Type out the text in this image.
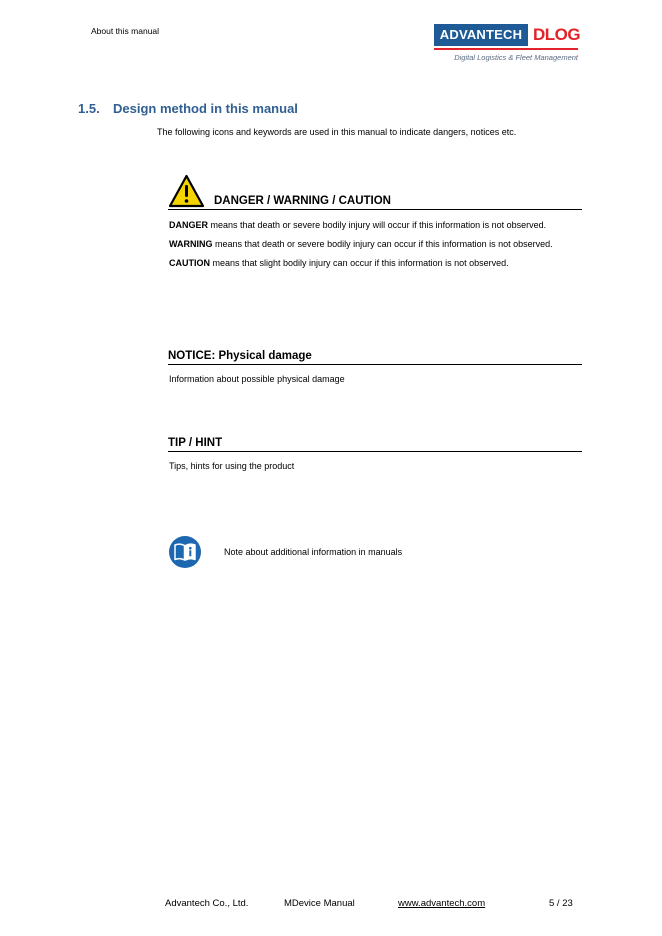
About this manual	ADVANTECH DLOG
Digital Logistics & Fleet Management
1.5. Design method in this manual
The following icons and keywords are used in this manual to indicate dangers, notices etc.
DANGER / WARNING / CAUTION

DANGER means that death or severe bodily injury will occur if this information is not observed.

WARNING means that death or severe bodily injury can occur if this information is not observed.

CAUTION means that slight bodily injury can occur if this information is not observed.

NOTICE: Physical damage
Information about possible physical damage
TIP / HINT
Tips, hints for using the product
Note about additional information in manuals
Advantech Co., Ltd.	MDevice Manual	www.advantech.com	5 / 23
